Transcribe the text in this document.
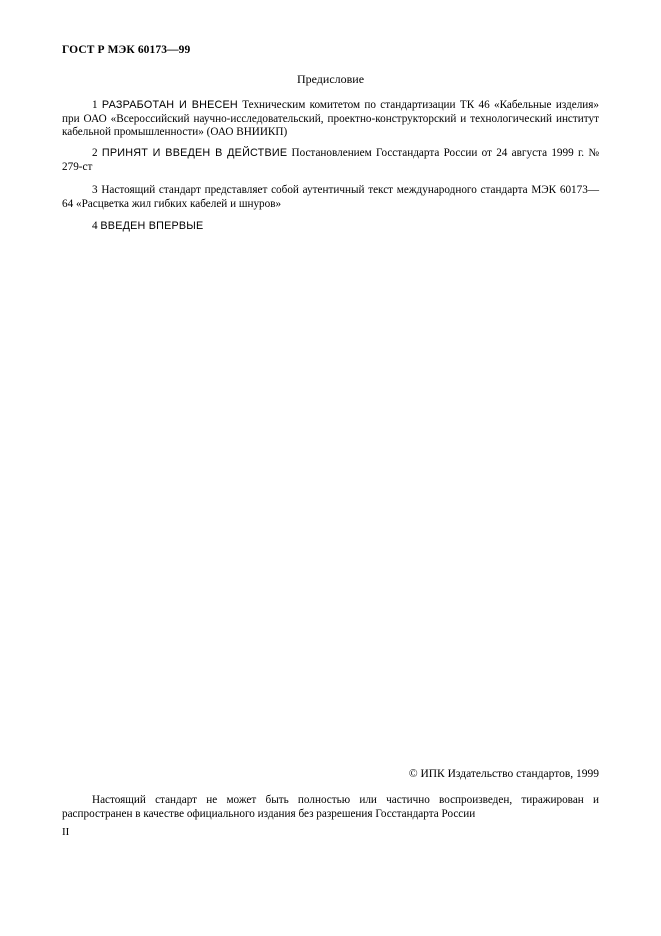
ГОСТ Р МЭК 60173—99
Предисловие

1 РАЗРАБОТАН И ВНЕСЕН Техническим комитетом по стандартизации ТК 46 «Кабельные изделия» при ОАО «Всероссийский научно-исследовательский, проектно-конструкторский и технологический институт кабельной промышленности» (ОАО ВНИИКП)

2 ПРИНЯТ И ВВЕДЕН В ДЕЙСТВИЕ Постановлением Госстандарта России от 24 августа 1999 г. № 279-ст

3 Настоящий стандарт представляет собой аутентичный текст международного стандарта МЭК 60173—64 «Расцветка жил гибких кабелей и шнуров»

4 ВВЕДЕН ВПЕРВЫЕ

© ИПК Издательство стандартов, 1999

Настоящий стандарт не может быть полностью или частично воспроизведен, тиражирован и распространен в качестве официального издания без разрешения Госстандарта России

II
